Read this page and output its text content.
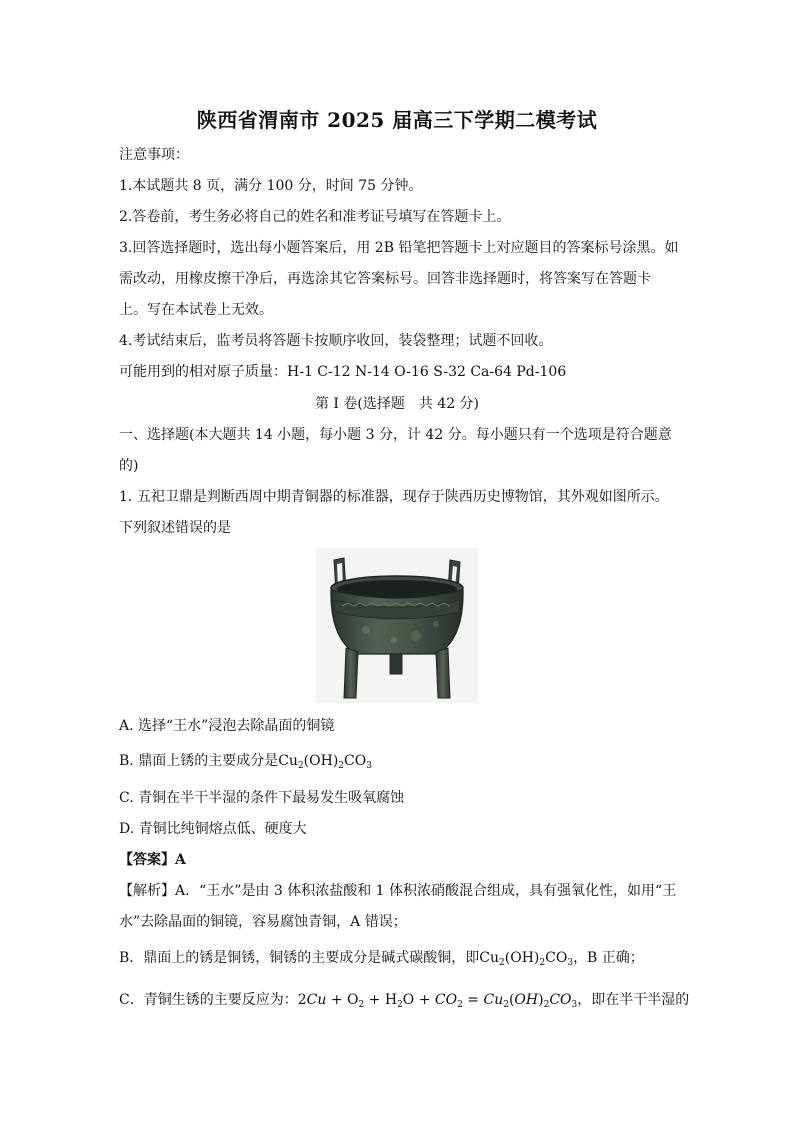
陕西省渭南市 2025 届高三下学期二模考试
注意事项：
1.本试题共 8 页，满分 100 分，时间 75 分钟。
2.答卷前，考生务必将自己的姓名和准考证号填写在答题卡上。
3.回答选择题时，选出每小题答案后，用 2B 铅笔把答题卡上对应题目的答案标号涂黑。如
需改动，用橡皮擦干净后，再选涂其它答案标号。回答非选择题时，将答案写在答题卡
上。写在本试卷上无效。
4.考试结束后，监考员将答题卡按顺序收回，装袋整理；试题不回收。
可能用到的相对原子质量：H-1 C-12 N-14 O-16 S-32 Ca-64 Pd-106
第 I 卷(选择题　共 42 分)
一、选择题(本大题共 14 小题，每小题 3 分，计 42 分。每小题只有一个选项是符合题意
的)
1. 五祀卫鼎是判断西周中期青铜器的标准器，现存于陕西历史博物馆，其外观如图所示。
下列叙述错误的是
A. 选择“王水”浸泡去除晶面的铜镜
B. 鼎面上锈的主要成分是$Cu_2(OH)_2CO_3$
C. 青铜在半干半湿的条件下最易发生吸氧腐蚀
D. 青铜比纯铜熔点低、硬度大
【答案】A
【解析】A．“王水”是由 3 体积浓盐酸和 1 体积浓硝酸混合组成，具有强氧化性，如用“王
水”去除晶面的铜镜，容易腐蚀青铜，A 错误；
B．鼎面上的锈是铜锈，铜锈的主要成分是碱式碳酸铜，即$Cu_2(OH)_2CO_3$，B 正确；
C．青铜生锈的主要反应为：$2Cu + O_2 + H_2O + CO_2 = Cu_2(OH)_2CO_3$，即在半干半湿的
